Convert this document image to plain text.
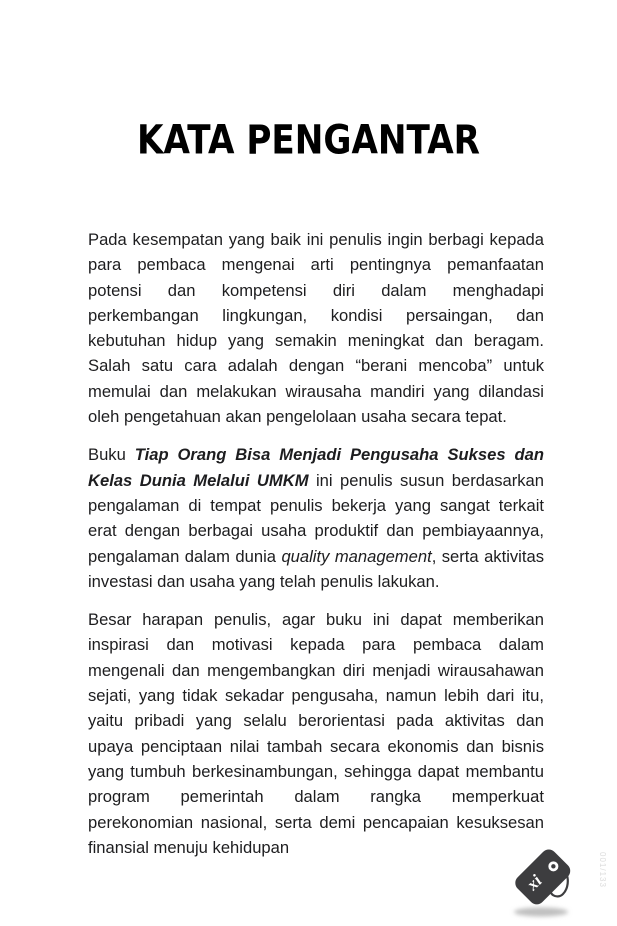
KATA PENGANTAR

Pada kesempatan yang baik ini penulis ingin berbagi kepada para pembaca mengenai arti pentingnya pemanfaatan potensi dan kompetensi diri dalam menghadapi perkembangan lingkungan, kondisi persaingan, dan kebutuhan hidup yang semakin meningkat dan beragam. Salah satu cara adalah dengan “berani mencoba” untuk memulai dan melakukan wirausaha mandiri yang dilandasi oleh pengetahuan akan pengelolaan usaha secara tepat.

Buku Tiap Orang Bisa Menjadi Pengusaha Sukses dan Kelas Dunia Melalui UMKM ini penulis susun berdasarkan pengalaman di tempat penulis bekerja yang sangat terkait erat dengan berbagai usaha produktif dan pembiayaannya, pengalaman dalam dunia quality management, serta aktivitas investasi dan usaha yang telah penulis lakukan.

Besar harapan penulis, agar buku ini dapat memberikan inspirasi dan motivasi kepada para pembaca dalam mengenali dan mengembangkan diri menjadi wirausahawan sejati, yang tidak sekadar pengusaha, namun lebih dari itu, yaitu pribadi yang selalu berorientasi pada aktivitas dan upaya penciptaan nilai tambah secara ekonomis dan bisnis yang tumbuh berkesinambungan, sehingga dapat membantu program pemerintah dalam rangka memperkuat perekonomian nasional, serta demi pencapaian kesuksesan finansial menuju kehidupan

xi	001/133
